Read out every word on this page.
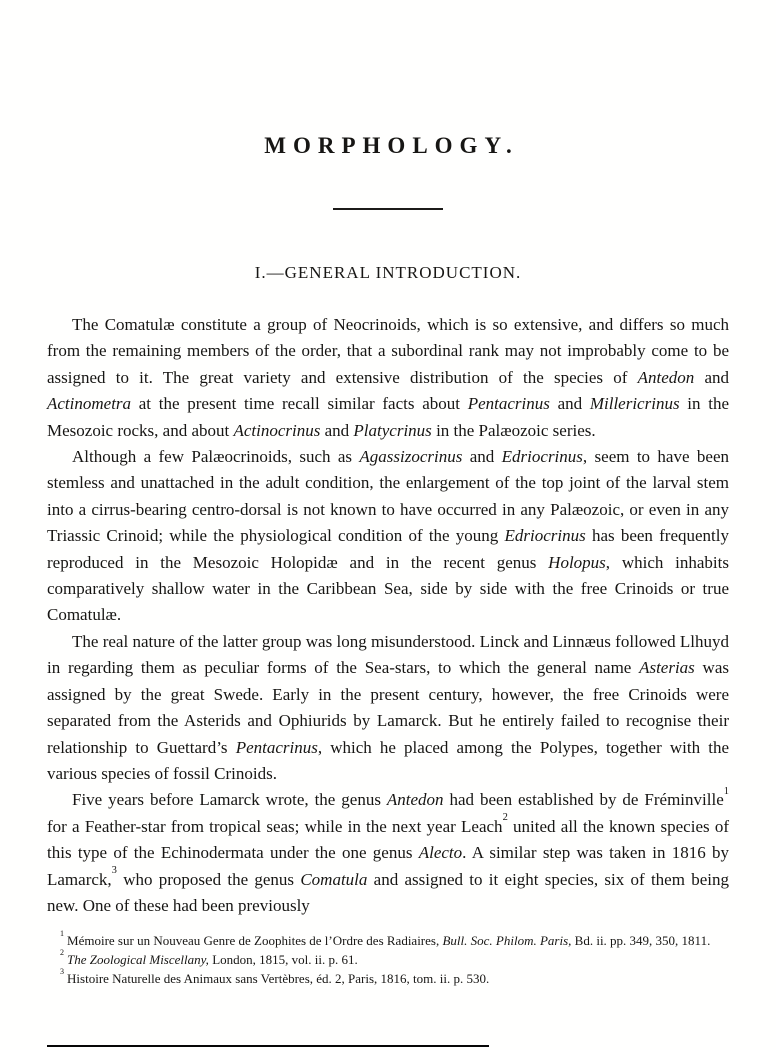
MORPHOLOGY.
I.—GENERAL INTRODUCTION.

The Comatulæ constitute a group of Neocrinoids, which is so extensive, and differs so much from the remaining members of the order, that a subordinal rank may not improbably come to be assigned to it. The great variety and extensive distribution of the species of Antedon and Actinometra at the present time recall similar facts about Pentacrinus and Millericrinus in the Mesozoic rocks, and about Actinocrinus and Platycrinus in the Palæozoic series.

Although a few Palæocrinoids, such as Agassizocrinus and Edriocrinus, seem to have been stemless and unattached in the adult condition, the enlargement of the top joint of the larval stem into a cirrus-bearing centro-dorsal is not known to have occurred in any Palæozoic, or even in any Triassic Crinoid; while the physiological condition of the young Edriocrinus has been frequently reproduced in the Mesozoic Holopidæ and in the recent genus Holopus, which inhabits comparatively shallow water in the Caribbean Sea, side by side with the free Crinoids or true Comatulæ.

The real nature of the latter group was long misunderstood. Linck and Linnæus followed Llhuyd in regarding them as peculiar forms of the Sea-stars, to which the general name Asterias was assigned by the great Swede. Early in the present century, however, the free Crinoids were separated from the Asterids and Ophiurids by Lamarck. But he entirely failed to recognise their relationship to Guettard’s Pentacrinus, which he placed among the Polypes, together with the various species of fossil Crinoids.

Five years before Lamarck wrote, the genus Antedon had been established by de Fréminville$^1$ for a Feather-star from tropical seas; while in the next year Leach$^2$ united all the known species of this type of the Echinodermata under the one genus Alecto. A similar step was taken in 1816 by Lamarck,$^3$ who proposed the genus Comatula and assigned to it eight species, six of them being new. One of these had been previously

$^1$ Mémoire sur un Nouveau Genre de Zoophites de l’Ordre des Radiaires, Bull. Soc. Philom. Paris, Bd. ii. pp. 349, 350, 1811.

$^2$ The Zoological Miscellany, London, 1815, vol. ii. p. 61.

$^3$ Histoire Naturelle des Animaux sans Vertèbres, éd. 2, Paris, 1816, tom. ii. p. 530.
